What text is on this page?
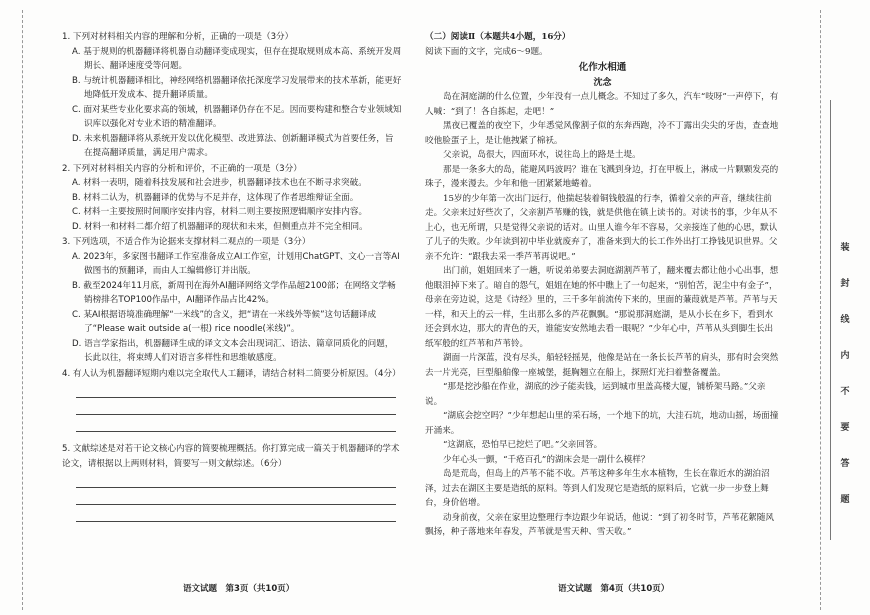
装
封
线
内
不
要
答
题
1. 下列对材料相关内容的理解和分析，正确的一项是（3分）
A. 基于规则的机器翻译将机器自动翻译变成现实，但存在提取规则成本高、系统开发周期长、翻译速度受等问题。
B. 与统计机器翻译相比，神经网络机器翻译依托深度学习发展带来的技术革新，能更好地降低开发成本、提升翻译质量。
C. 面对某些专业化要求高的领域，机器翻译仍存在不足。因而要构建和整合专业领域知识库以强化对专业术语的精准翻译。
D. 未来机器翻译将从系统开发以优化模型、改进算法、创新翻译模式为首要任务，旨在提高翻译质量，满足用户需求。
2. 下列对材料相关内容的分析和评价，不正确的一项是（3分）
A. 材料一表明，随着科技发展和社会进步，机器翻译技术也在不断寻求突破。
B. 材料二认为，机器翻译的优势与不足并存，这体现了作者思维辩证全面。
C. 材料一主要按照时间顺序安排内容，材料二则主要按照逻辑顺序安排内容。
D. 材料一和材料二都介绍了机器翻译的现状和未来，但侧重点并不完全相同。
3. 下列选项，不适合作为论据来支撑材料二观点的一项是（3分）
A. 2023年，多家图书翻译工作室准备成立AI工作室，计划用ChatGPT、文心一言等AI做图书的预翻译，而由人工编辑修订并出版。
B. 截至2024年11月底，新周刊在海外AI翻译网络文学作品超2100部；在网络文学畅销榜排名TOP100作品中，AI翻译作品占比42%。
C. 某AI根据语境准确理解“一米线”的含义，把“请在一米线外等候”这句话翻译成了“Please wait outside a(一根) rice noodle(米线)”。
D. 语言学家指出，机器翻译生成的译文文本会出现词汇、语法、篇章同质化的问题，长此以往，将束缚人们对语言多样性和思维敏感度。
4. 有人认为机器翻译短期内难以完全取代人工翻译，请结合材料二简要分析原因。（4分）
5. 文献综述是对若干论文核心内容的简要梳理概括。你打算完成一篇关于机器翻译的学术论文，请根据以上两则材料，简要写一则文献综述。（6分）
语文试题　第3页（共10页）
（二）阅读Ⅱ（本题共4小题，16分）
阅读下面的文字，完成6～9题。
化作水相通
沈念
岛在洞庭湖的什么位置，少年没有一点儿概念。不知过了多久，汽车“吱呀”一声停下，有人喊：“到了！各自拣起，走吧！”
黑夜已覆盖的夜空下，少年悉觉风像割子似的东奔西跑，冷不丁露出尖尖的牙齿，查查地咬他脸蛋子上，是让他拽紧了棉袄。
父亲说，岛很大，四面环水，说往岛上的路是土堤。
那是一条多大的岛，能避风吗波吗？谁在飞溅到身边，打在甲板上，淋成一片颗颗发亮的珠子，漫来漫去。少年和他一团紧紧地蜷着。
15岁的少年第一次出门远行，他揣起装着铜钱般温的行李，循着父亲的声音，继续往前走。父亲来过好些次了，父亲割芦苇赚的钱，就是供他在镇上读书的。对读书的事，少年从不上心，也无所谓，只是觉得父亲说的话对。山里人谁今年不容易，父亲接连了他的心思，默认了儿子的失败。少年读到初中毕业就废弃了，准备来到大的长工作外出打工挣钱见识世界。父亲不允许：“跟我去采一季芦苇再说吧。”
出门前，姐姐回来了一趟，听说弟弟要去洞庭湖割芦苇了，翻来覆去都让他小心出事，想他眼泪掉下来了。暗自的怨气，姐姐在她的怀中瞧上了一句起来，“别怕苦，泥尘中有金子”，母亲在旁边说，这是《诗经》里的，三千多年前流传下来的，里面的蒹葭就是芦苇。芦苇与天一样，和天上的云一样，生出那么多的芦花飘飘。“那说那洞庭湖，是从小长在乡下，看到水还会到水边，那大的青色的天，谁能安安然地去看一眼呢？”少年心中，芦苇从头到脚生长出纸军般的红芦苇和芦苇铃。
湖面一片深蓝，没有尽头，船轻轻摇晃，他像是站在一条长长芦苇的肩头，那有时会突然去一片光亮，巨型船舶像一座城堡，挺胸翘立在船上，探照灯光扫着整备覆盖。
“那是挖沙船在作业，湖底的沙子能卖钱，运到城市里盖高楼大厦，铺桥架马路。”父亲说。
“湖底会挖空吗？”少年想起山里的采石场，一个地下的坑，大洼石坑，地动山摇，场面撞开涌来。
“这湖底，恐怕早已挖烂了吧。”父亲回答。
少年心头一颤，“千疮百孔”的湖床会是一副什么模样？
岛是荒岛，但岛上的芦苇不能不收。芦苇这种多年生水本植物，生长在靠近水的湖泊沼泽，过去在湖区主要是造纸的原料。等到人们发现它是造纸的原料后，它就一步一步登上舞台，身价倍增。
动身前夜，父亲在家里边整理行李边跟少年说话，他说：“到了初冬时节，芦苇花絮随风飘扬，种子落地来年春发，芦苇就是雪天种、雪天收。”
语文试题　第4页（共10页）
